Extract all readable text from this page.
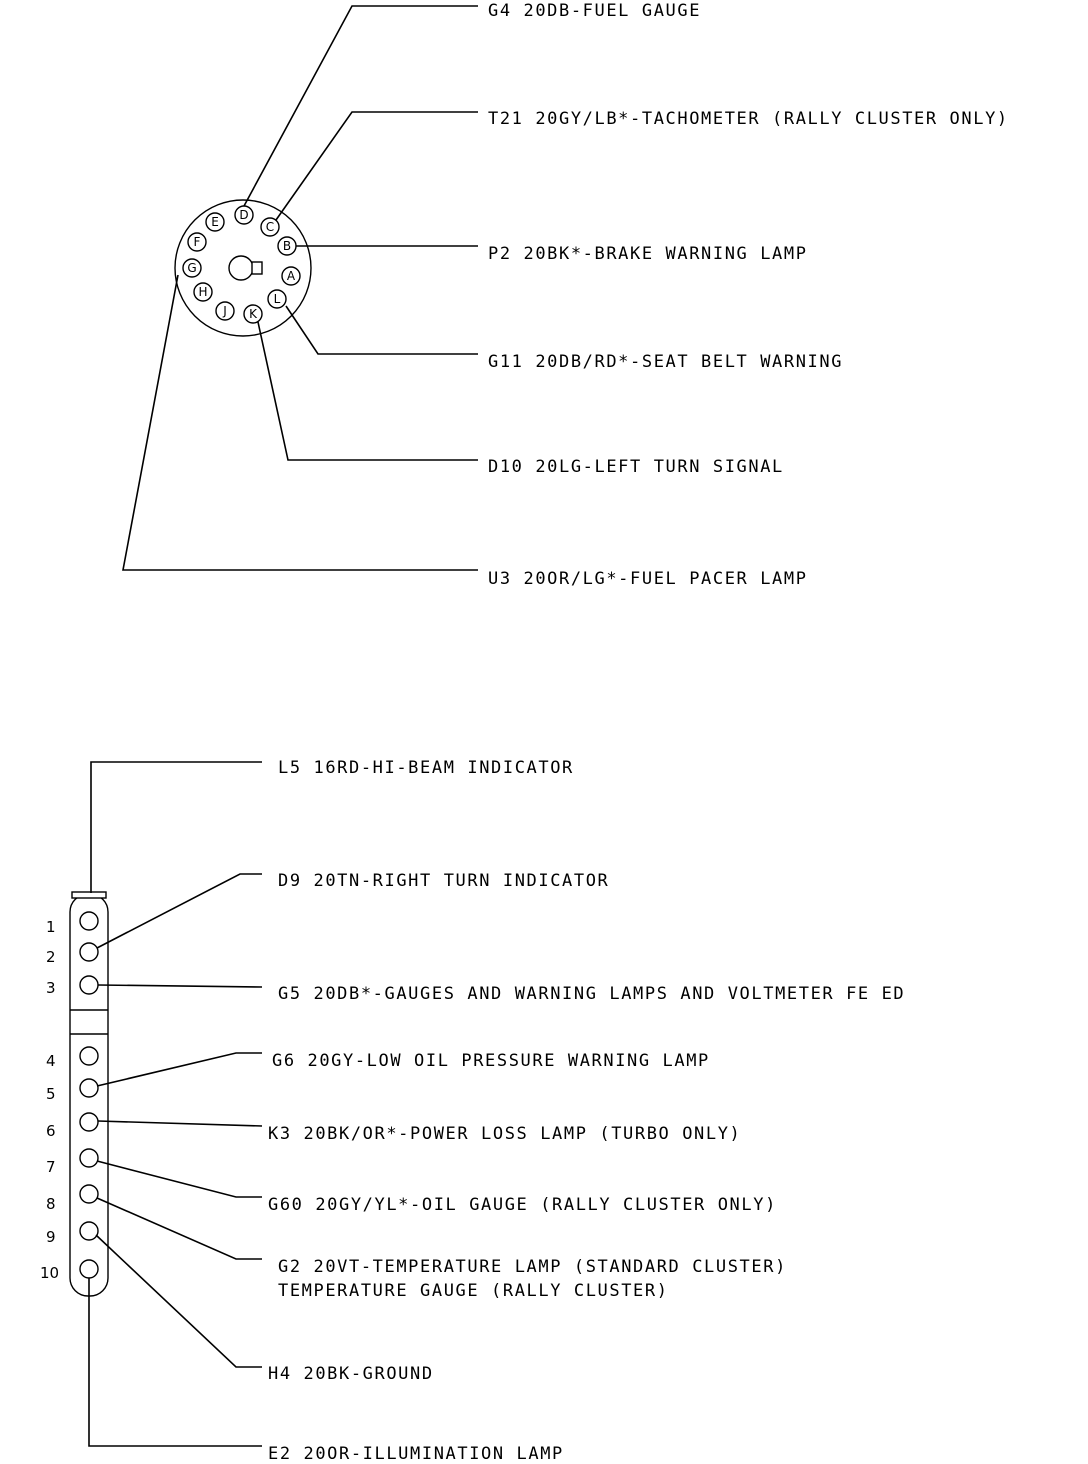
A
B
C
D
E
F
G
H
J K
L
G4 20DB-FUEL GAUGE
T21 20GY/LB*-TACHOMETER (RALLY CLUSTER ONLY)
P2 20BK*-BRAKE WARNING LAMP
G11 20DB/RD*-SEAT BELT WARNING
D10 20LG-LEFT TURN SIGNAL
U3 20OR/LG*-FUEL PACER LAMP
1
2
3
4
5
6
7
8
9
10
L5 16RD-HI-BEAM INDICATOR
D9 20TN-RIGHT TURN INDICATOR
G5 20DB*-GAUGES AND WARNING LAMPS AND VOLTMETER FE ED
G6 20GY-LOW OIL PRESSURE WARNING LAMP
K3 20BK/OR*-POWER LOSS LAMP (TURBO ONLY)
G60 20GY/YL*-OIL GAUGE (RALLY CLUSTER ONLY)
G2 20VT-TEMPERATURE LAMP (STANDARD CLUSTER)
TEMPERATURE GAUGE (RALLY CLUSTER)
H4 20BK-GROUND
E2 20OR-ILLUMINATION LAMP
